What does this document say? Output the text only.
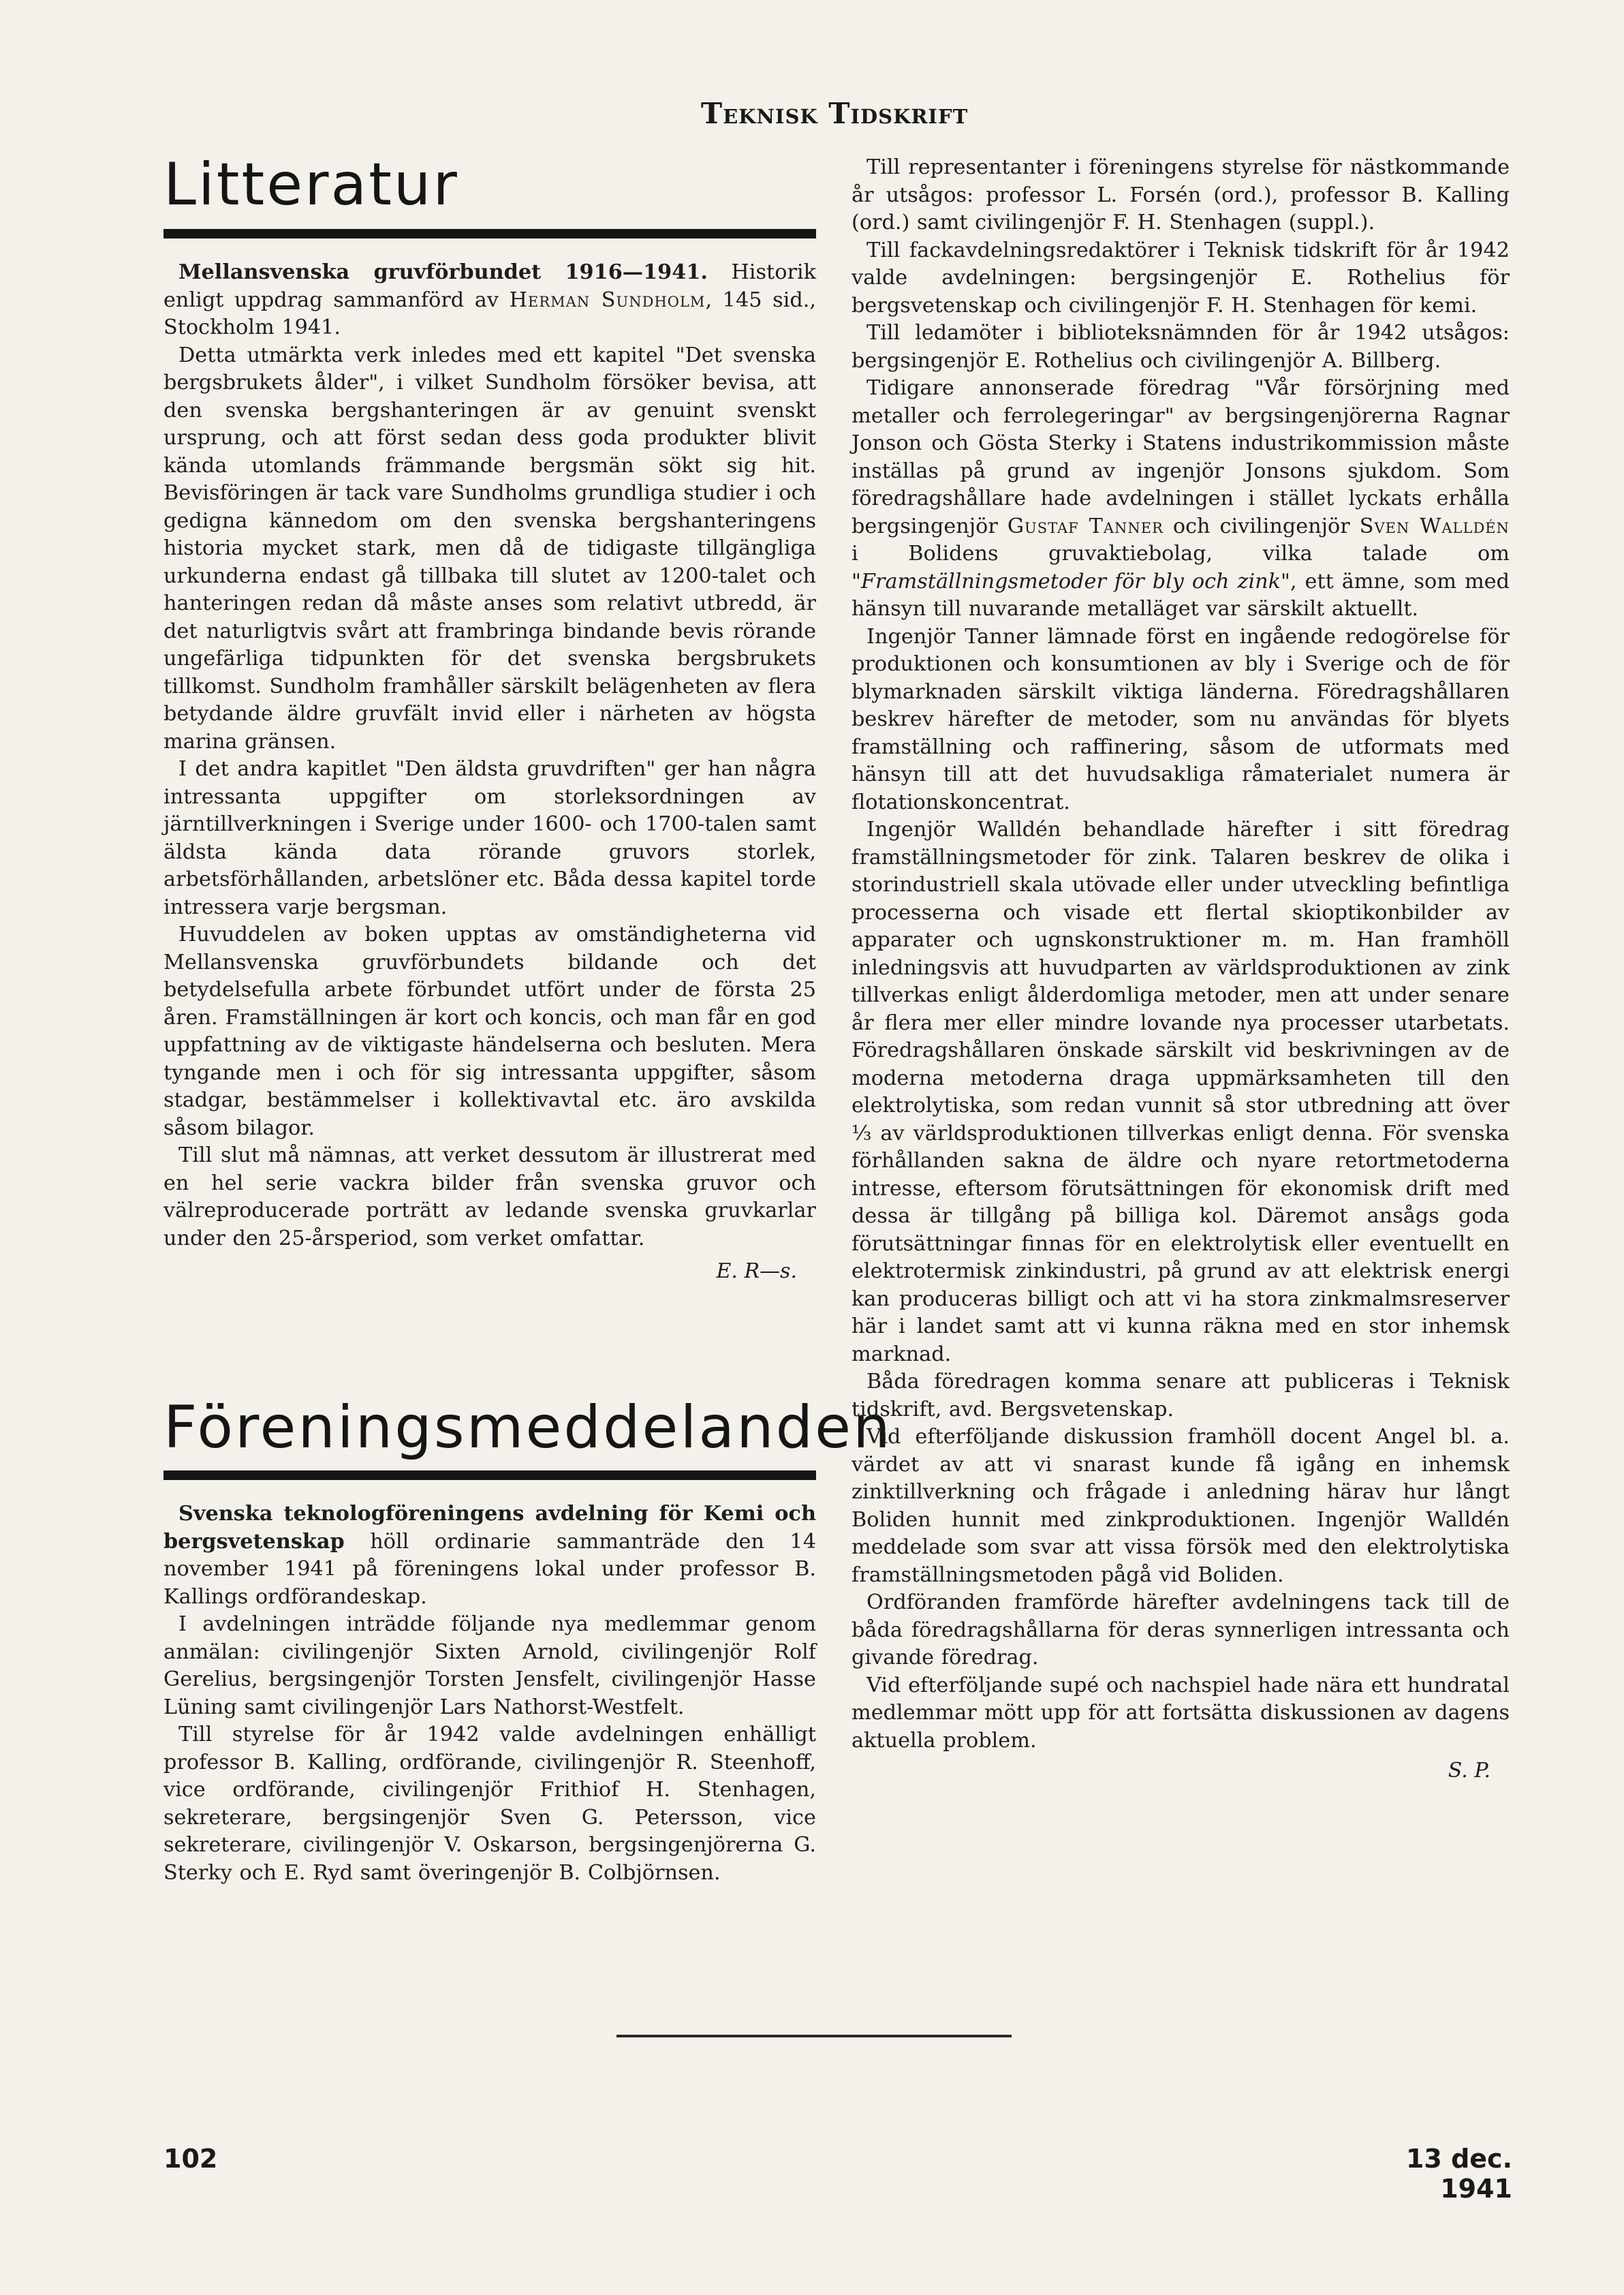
Teknisk Tidskrift
Litteratur

Mellansvenska gruvförbundet 1916—1941. Historik enligt uppdrag sammanförd av Herman Sundholm, 145 sid., Stockholm 1941.

Detta utmärkta verk inledes med ett kapitel "Det svenska bergsbrukets ålder", i vilket Sundholm försöker bevisa, att den svenska bergshanteringen är av genuint svenskt ursprung, och att först sedan dess goda produkter blivit kända utomlands främmande bergsmän sökt sig hit. Bevisföringen är tack vare Sundholms grundliga studier i och gedigna kännedom om den svenska bergshanteringens historia mycket stark, men då de tidigaste tillgängliga urkunderna endast gå tillbaka till slutet av 1200-talet och hanteringen redan då måste anses som relativt utbredd, är det naturligtvis svårt att frambringa bindande bevis rörande ungefärliga tidpunkten för det svenska bergsbrukets tillkomst. Sundholm framhåller särskilt belägenheten av flera betydande äldre gruvfält invid eller i närheten av högsta marina gränsen.

I det andra kapitlet "Den äldsta gruvdriften" ger han några intressanta uppgifter om storleksordningen av järntillverkningen i Sverige under 1600- och 1700-talen samt äldsta kända data rörande gruvors storlek, arbetsförhållanden, arbetslöner etc. Båda dessa kapitel torde intressera varje bergsman.

Huvuddelen av boken upptas av omständigheterna vid Mellansvenska gruvförbundets bildande och det betydelsefulla arbete förbundet utfört under de första 25 åren. Framställningen är kort och koncis, och man får en god uppfattning av de viktigaste händelserna och besluten. Mera tyngande men i och för sig intressanta uppgifter, såsom stadgar, bestämmelser i kollektivavtal etc. äro avskilda såsom bilagor.

Till slut må nämnas, att verket dessutom är illustrerat med en hel serie vackra bilder från svenska gruvor och välreproducerade porträtt av ledande svenska gruvkarlar under den 25-årsperiod, som verket omfattar.

E. R—s.

Föreningsmeddelanden

Svenska teknologföreningens avdelning för Kemi och bergsvetenskap höll ordinarie sammanträde den 14 november 1941 på föreningens lokal under professor B. Kallings ordförandeskap.

I avdelningen inträdde följande nya medlemmar genom anmälan: civilingenjör Sixten Arnold, civilingenjör Rolf Gerelius, bergsingenjör Torsten Jensfelt, civilingenjör Hasse Lüning samt civilingenjör Lars Nathorst-Westfelt.

Till styrelse för år 1942 valde avdelningen enhälligt professor B. Kalling, ordförande, civilingenjör R. Steenhoff, vice ordförande, civilingenjör Frithiof H. Stenhagen, sekreterare, bergsingenjör Sven G. Petersson, vice sekreterare, civilingenjör V. Oskarson, bergsingenjörerna G. Sterky och E. Ryd samt överingenjör B. Colbjörnsen.

Till representanter i föreningens styrelse för nästkommande år utsågos: professor L. Forsén (ord.), professor B. Kalling (ord.) samt civilingenjör F. H. Stenhagen (suppl.).

Till fackavdelningsredaktörer i Teknisk tidskrift för år 1942 valde avdelningen: bergsingenjör E. Rothelius för bergsvetenskap och civilingenjör F. H. Stenhagen för kemi.

Till ledamöter i biblioteksnämnden för år 1942 utsågos: bergsingenjör E. Rothelius och civilingenjör A. Billberg.

Tidigare annonserade föredrag "Vår försörjning med metaller och ferrolegeringar" av bergsingenjörerna Ragnar Jonson och Gösta Sterky i Statens industrikommission måste inställas på grund av ingenjör Jonsons sjukdom. Som föredragshållare hade avdelningen i stället lyckats erhålla bergsingenjör Gustaf Tanner och civilingenjör Sven Walldén i Bolidens gruvaktiebolag, vilka talade om "Framställningsmetoder för bly och zink", ett ämne, som med hänsyn till nuvarande metalläget var särskilt aktuellt.

Ingenjör Tanner lämnade först en ingående redogörelse för produktionen och konsumtionen av bly i Sverige och de för blymarknaden särskilt viktiga länderna. Föredragshållaren beskrev härefter de metoder, som nu användas för blyets framställning och raffinering, såsom de utformats med hänsyn till att det huvudsakliga råmaterialet numera är flotationskoncentrat.

Ingenjör Walldén behandlade härefter i sitt föredrag framställningsmetoder för zink. Talaren beskrev de olika i storindustriell skala utövade eller under utveckling befintliga processerna och visade ett flertal skioptikonbilder av apparater och ugnskonstruktioner m. m. Han framhöll inledningsvis att huvudparten av världsproduktionen av zink tillverkas enligt ålderdomliga metoder, men att under senare år flera mer eller mindre lovande nya processer utarbetats. Föredragshållaren önskade särskilt vid beskrivningen av de moderna metoderna draga uppmärksamheten till den elektrolytiska, som redan vunnit så stor utbredning att över ⅓ av världsproduktionen tillverkas enligt denna. För svenska förhållanden sakna de äldre och nyare retortmetoderna intresse, eftersom förutsättningen för ekonomisk drift med dessa är tillgång på billiga kol. Däremot ansågs goda förutsättningar finnas för en elektrolytisk eller eventuellt en elektrotermisk zinkindustri, på grund av att elektrisk energi kan produceras billigt och att vi ha stora zinkmalmsreserver här i landet samt att vi kunna räkna med en stor inhemsk marknad.

Båda föredragen komma senare att publiceras i Teknisk tidskrift, avd. Bergsvetenskap.

Vid efterföljande diskussion framhöll docent Angel bl. a. värdet av att vi snarast kunde få igång en inhemsk zinktillverkning och frågade i anledning härav hur långt Boliden hunnit med zinkproduktionen. Ingenjör Walldén meddelade som svar att vissa försök med den elektrolytiska framställningsmetoden pågå vid Boliden.

Ordföranden framförde härefter avdelningens tack till de båda föredragshållarna för deras synnerligen intressanta och givande föredrag.

Vid efterföljande supé och nachspiel hade nära ett hundratal medlemmar mött upp för att fortsätta diskussionen av dagens aktuella problem.

S. P.

102	13 dec. 1941
